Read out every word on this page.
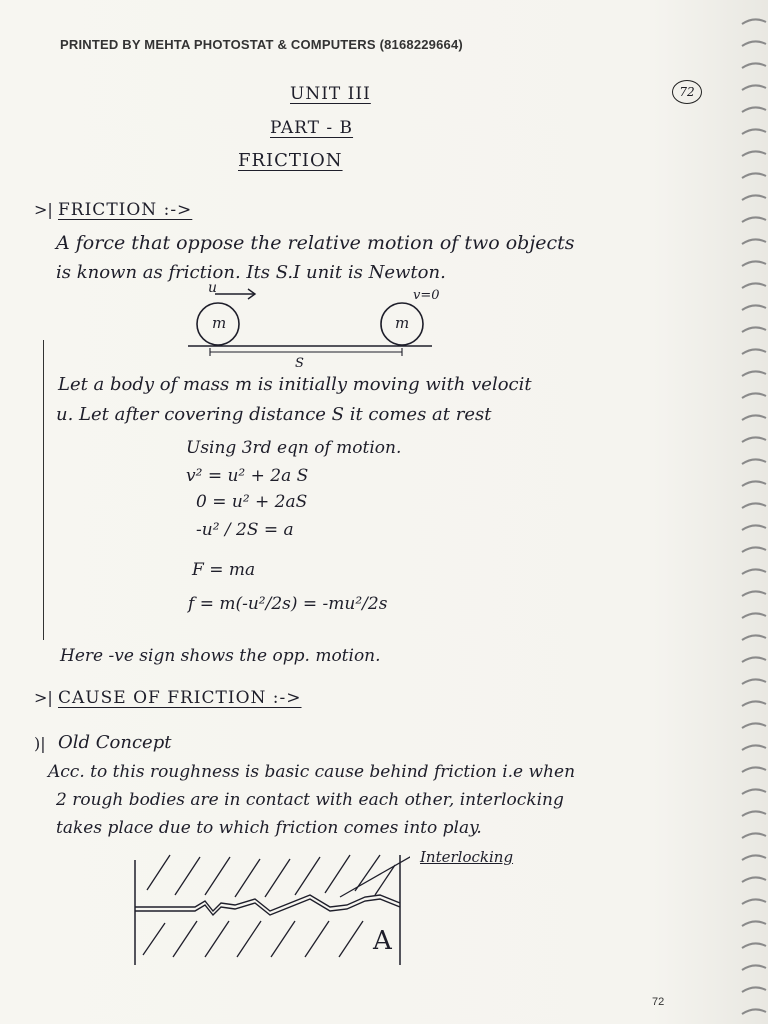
PRINTED BY MEHTA PHOTOSTAT & COMPUTERS (8168229664)
72
UNIT III
PART - B
FRICTION
>| FRICTION :->
A force that oppose the relative motion of two objects
is known as friction. Its S.I unit is Newton.
u	v=0
m	m
S
Let a body of mass m is initially moving with velocit
u. Let after covering distance S it comes at rest
Using 3rd eqn of motion.
v² = u² + 2a S
0 = u² + 2aS
-u² / 2S = a
F = ma
f = m(-u²/2s) = -mu²/2s
Here -ve sign shows the opp. motion.
>| CAUSE OF FRICTION :->
)| Old Concept
Acc. to this roughness is basic cause behind friction i.e when
2 rough bodies are in contact with each other, interlocking
takes place due to which friction comes into play.
Interlocking
A
72
